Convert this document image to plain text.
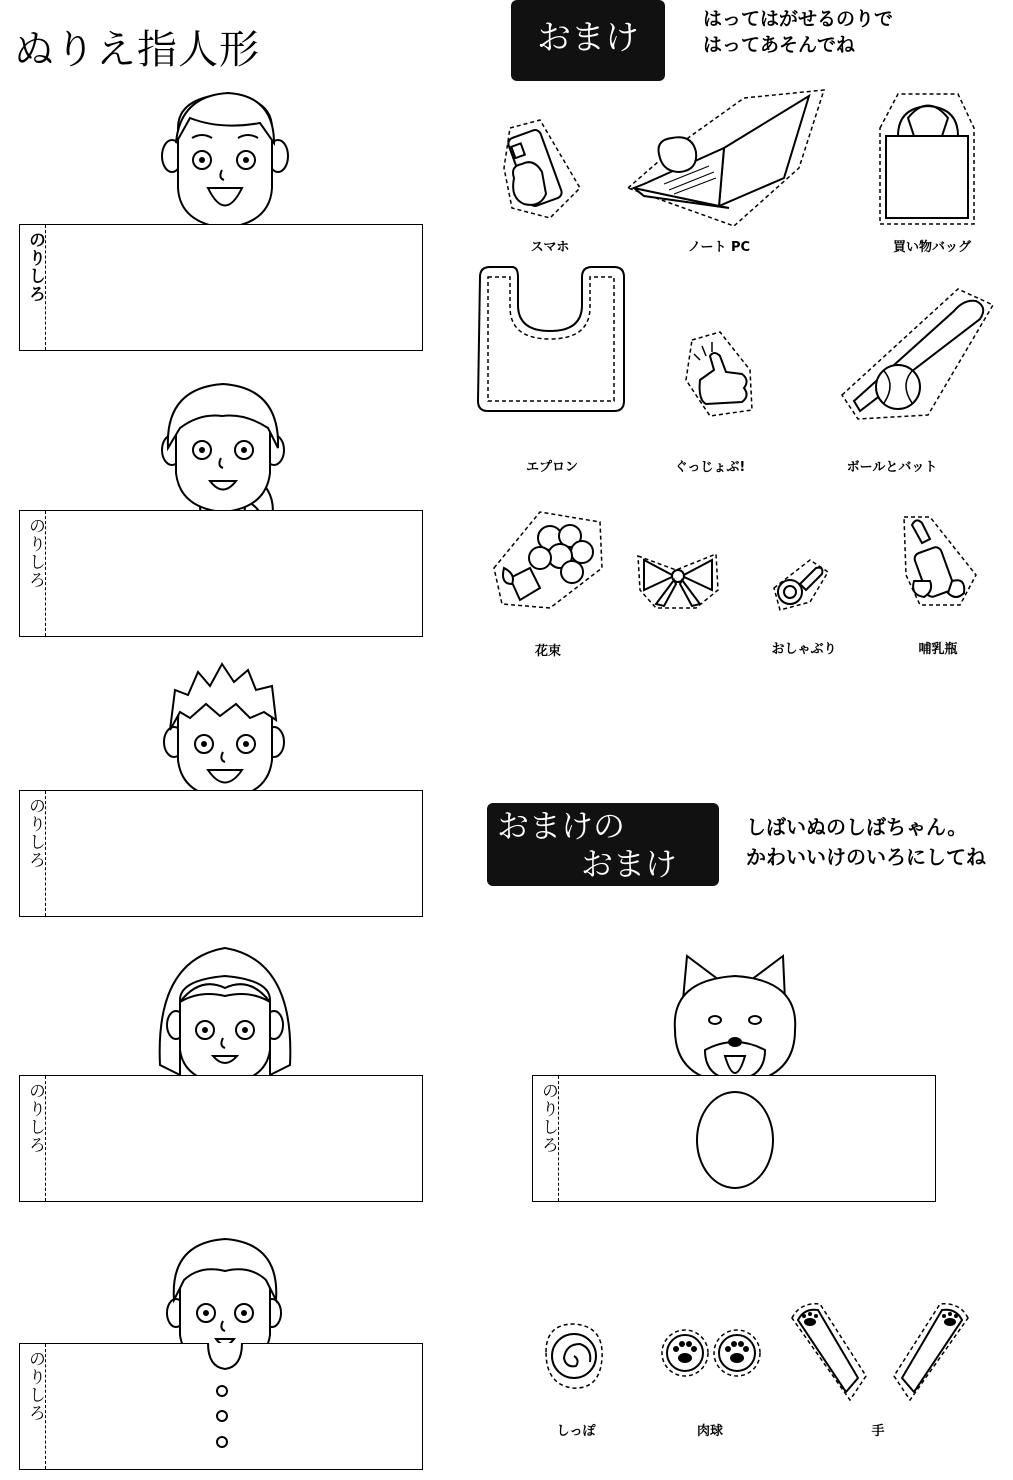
ぬりえ指人形	おまけ	はってはがせるのりで
はってあそんでね
のりしろ
のりしろ
のりしろ
のりしろ
のりしろ
スマホ	ノート PC	買い物バッグ
エプロン	ぐっじょぶ!	ボールとバット
花束	おしゃぶり	哺乳瓶
おまけの
おまけ
しばいぬのしばちゃん。
かわいいけのいろにしてね
のりしろ
しっぽ	肉球	手
